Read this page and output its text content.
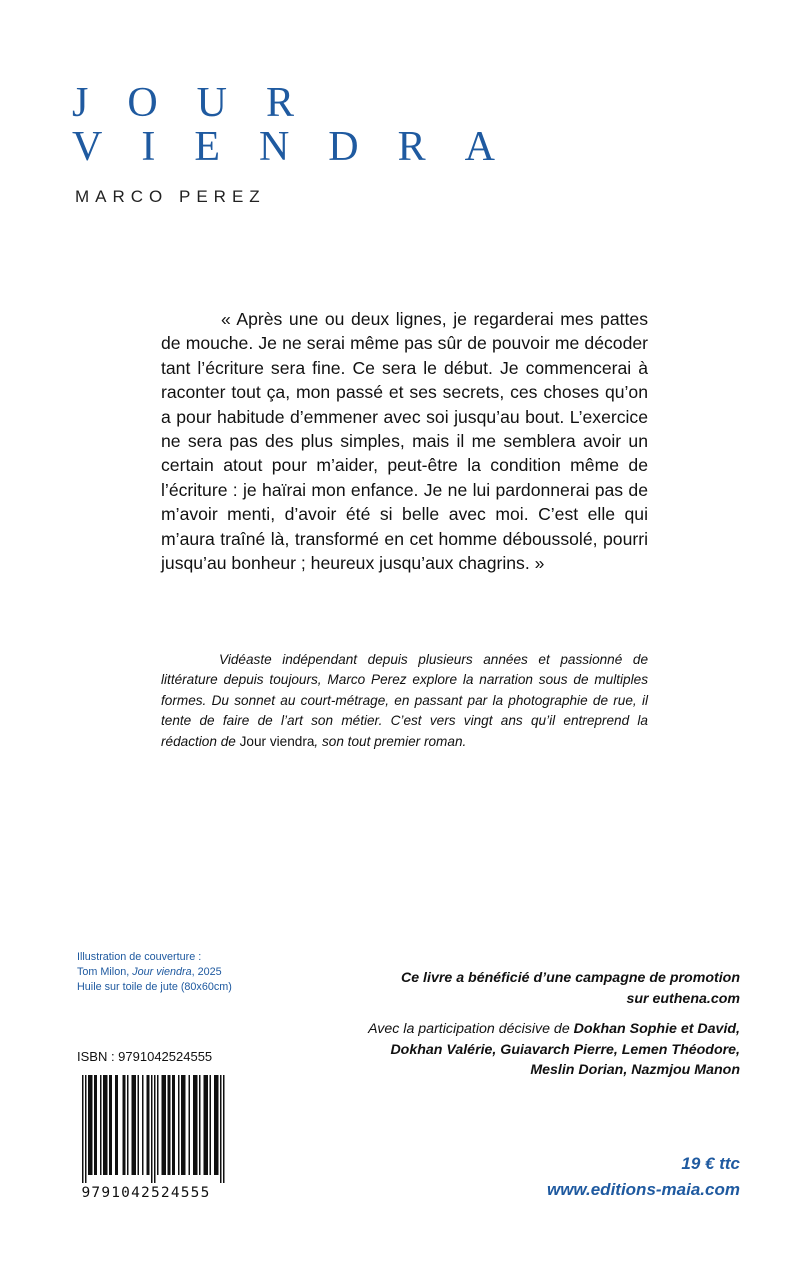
JOUR
VIENDRA
MARCO PEREZ

« Après une ou deux lignes, je regarderai mes pattes de mouche. Je ne serai même pas sûr de pouvoir me décoder tant l’écriture sera fine. Ce sera le début. Je commencerai à raconter tout ça, mon passé et ses secrets, ces choses qu’on a pour habitude d’emmener avec soi jusqu’au bout. L’exercice ne sera pas des plus simples, mais il me semblera avoir un certain atout pour m’aider, peut-être la condition même de l’écriture : je haïrai mon enfance. Je ne lui pardonnerai pas de m’avoir menti, d’avoir été si belle avec moi. C’est elle qui m’aura traîné là, transformé en cet homme déboussolé, pourri jusqu’au bonheur ; heureux jusqu’aux chagrins. »

Vidéaste indépendant depuis plusieurs années et passionné de littérature depuis toujours, Marco Perez explore la narration sous de multiples formes. Du sonnet au court-métrage, en passant par la photographie de rue, il tente de faire de l’art son métier. C’est vers vingt ans qu’il entreprend la rédaction de Jour viendra, son tout premier roman.

Illustration de couverture :
Tom Milon, Jour viendra, 2025
Huile sur toile de jute (80x60cm)
Ce livre a bénéficié d’une campagne de promotion
sur euthena.com
Avec la participation décisive de Dokhan Sophie et David,
Dokhan Valérie, Guiavarch Pierre, Lemen Théodore,
Meslin Dorian, Nazmjou Manon
ISBN : 9791042524555
9791042524555
19 € ttc
www.editions-maia.com
